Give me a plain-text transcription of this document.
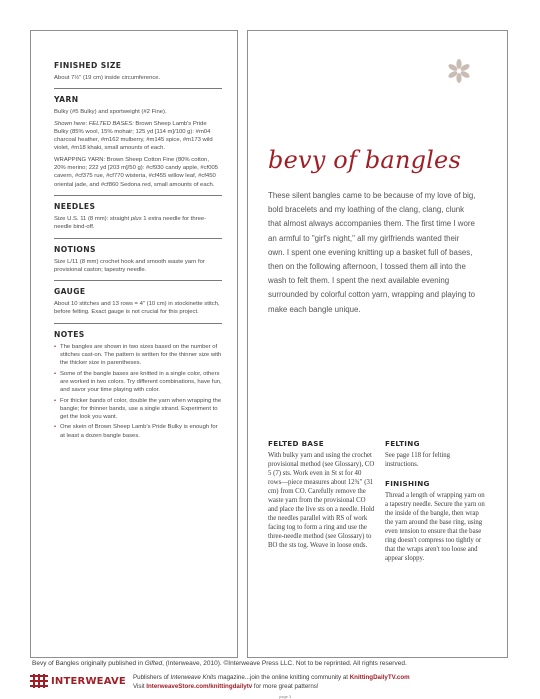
FINISHED SIZE

About 7½" (19 cm) inside circumference.

YARN

Bulky (#5 Bulky) and sportweight (#2 Fine).

Shown here: FELTED BASES: Brown Sheep Lamb's Pride Bulky (85% wool, 15% mohair; 125 yd [114 m]/100 g): #m04 charcoal heather, #m162 mulberry, #m145 spice, #m173 wild violet, #m18 khaki, small amounts of each.

WRAPPING YARN: Brown Sheep Cotton Fine (80% cotton, 20% merino; 222 yd [203 m]/50 g): #cf930 candy apple, #cf005 cavern, #cf375 rue, #cf770 wisteria, #cf455 willow leaf, #cf450 oriental jade, and #cf860 Sedona red, small amounts of each.

NEEDLES

Size U.S. 11 (8 mm): straight plus 1 extra needle for three-needle bind-off.

NOTIONS

Size L/11 (8 mm) crochet hook and smooth waste yarn for provisional caston; tapestry needle.

GAUGE

About 10 stitches and 13 rows = 4" (10 cm) in stockinette stitch, before felting. Exact gauge is not crucial for this project.

NOTES
• The bangles are shown in two sizes based on the number of stitches cast-on. The pattern is written for the thinner size with the thicker size in parentheses.
• Some of the bangle bases are knitted in a single color, others are worked in two colors. Try different combinations, have fun, and savor your time playing with color.
• For thicker bands of color, double the yarn when wrapping the bangle; for thinner bands, use a single strand. Experiment to get the look you want.
• One skein of Brown Sheep Lamb's Pride Bulky is enough for at least a dozen bangle bases.
bevy of bangles
These silent bangles came to be because of my love of big, bold bracelets and my loathing of the clang, clang, clunk that almost always accompanies them. The first time I wore an armful to "girl's night," all my girlfriends wanted their own. I spent one evening knitting up a basket full of bases, then on the following afternoon, I tossed them all into the wash to felt them. I spent the next available evening surrounded by colorful cotton yarn, wrapping and playing to make each bangle unique.
FELTED BASE

With bulky yarn and using the crochet provisional method (see Glossary), CO 5 (7) sts. Work even in St st for 40 rows—piece measures about 12¾" (31 cm) from CO. Carefully remove the waste yarn from the provisional CO and place the live sts on a needle. Hold the needles parallel with RS of work facing tog to form a ring and use the three-needle method (see Glossary) to BO the sts tog. Weave in loose ends.

FELTING

See page 118 for felting instructions.

FINISHING

Thread a length of wrapping yarn on a tapestry needle. Secure the yarn on the inside of the bangle, then wrap the yarn around the base ring, using even tension to ensure that the base ring doesn't compress too tightly or that the wraps aren't too loose and appear sloppy.

Bevy of Bangles originally published in Gifted, (Interweave, 2010). ©Interweave Press LLC. Not to be reprinted. All rights reserved.

INTERWEAVE Publishers of Interweave Knits magazine...join the online knitting community at KnittingDailyTV.com
Visit InterweaveStore.com/knittingdailytv for more great patterns!
page 3
